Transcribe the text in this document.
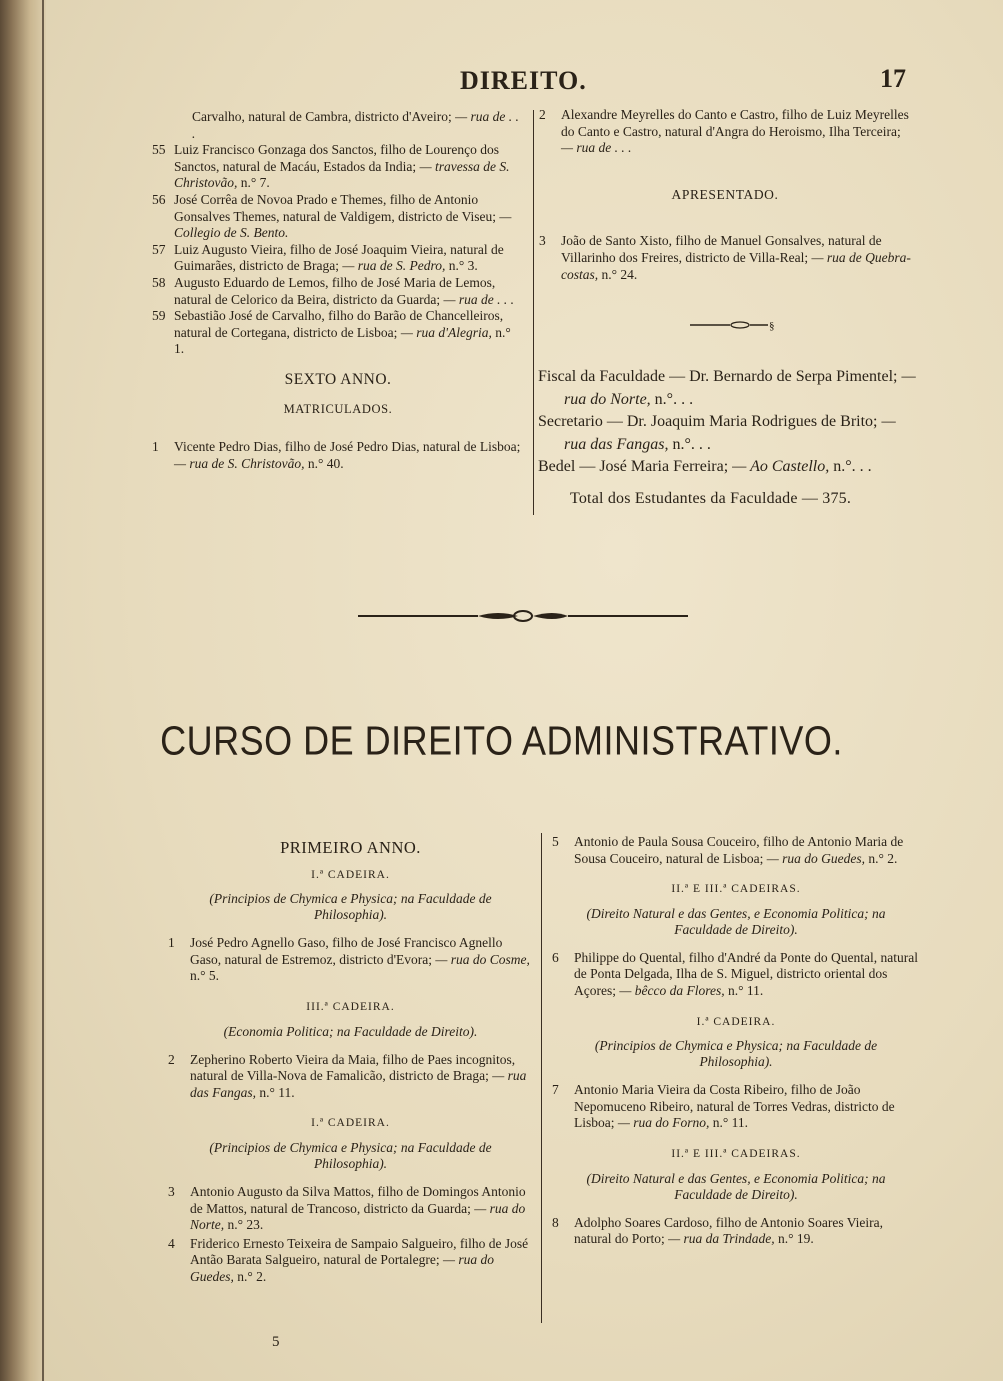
DIREITO.	17
Carvalho, natural de Cambra, districto d'Aveiro; — rua de . . .
55 Luiz Francisco Gonzaga dos Sanctos, filho de Lourenço dos Sanctos, natural de Macáu, Estados da India; — travessa de S. Christovão, n.° 7.
56 José Corrêa de Novoa Prado e Themes, filho de Antonio Gonsalves Themes, natural de Valdigem, districto de Viseu; — Collegio de S. Bento.
57 Luiz Augusto Vieira, filho de José Joaquim Vieira, natural de Guimarães, districto de Braga; — rua de S. Pedro, n.° 3.
58 Augusto Eduardo de Lemos, filho de José Maria de Lemos, natural de Celorico da Beira, districto da Guarda; — rua de . . .
59 Sebastião José de Carvalho, filho do Barão de Chancelleiros, natural de Cortegana, districto de Lisboa; — rua d'Alegria, n.° 1.
SEXTO ANNO.
MATRICULADOS.
1 Vicente Pedro Dias, filho de José Pedro Dias, natural de Lisboa; — rua de S. Christovão, n.° 40.
2 Alexandre Meyrelles do Canto e Castro, filho de Luiz Meyrelles do Canto e Castro, natural d'Angra do Heroismo, Ilha Terceira; — rua de . . .
APRESENTADO.
3 João de Santo Xisto, filho de Manuel Gonsalves, natural de Villarinho dos Freires, districto de Villa-Real; — rua de Quebra-costas, n.° 24.
§
Fiscal da Faculdade — Dr. Bernardo de Serpa Pimentel; — rua do Norte, n.°. . .
Secretario — Dr. Joaquim Maria Rodrigues de Brito; — rua das Fangas, n.°. . .
Bedel — José Maria Ferreira; — Ao Castello, n.°. . .
Total dos Estudantes da Faculdade — 375.
CURSO DE DIREITO ADMINISTRATIVO.
PRIMEIRO ANNO.
I.ª CADEIRA.
(Principios de Chymica e Physica; na Faculdade de Philosophia).
1 José Pedro Agnello Gaso, filho de José Francisco Agnello Gaso, natural de Estremoz, districto d'Evora; — rua do Cosme, n.° 5.
III.ª CADEIRA.
(Economia Politica; na Faculdade de Direito).
2 Zepherino Roberto Vieira da Maia, filho de Paes incognitos, natural de Villa-Nova de Famalicão, districto de Braga; — rua das Fangas, n.° 11.
I.ª CADEIRA.
(Principios de Chymica e Physica; na Faculdade de Philosophia).
3 Antonio Augusto da Silva Mattos, filho de Domingos Antonio de Mattos, natural de Trancoso, districto da Guarda; — rua do Norte, n.° 23.
4 Friderico Ernesto Teixeira de Sampaio Salgueiro, filho de José Antão Barata Salgueiro, natural de Portalegre; — rua do Guedes, n.° 2.
5 Antonio de Paula Sousa Couceiro, filho de Antonio Maria de Sousa Couceiro, natural de Lisboa; — rua do Guedes, n.° 2.
II.ª E III.ª CADEIRAS.
(Direito Natural e das Gentes, e Economia Politica; na Faculdade de Direito).
6 Philippe do Quental, filho d'André da Ponte do Quental, natural de Ponta Delgada, Ilha de S. Miguel, districto oriental dos Açores; — bêcco da Flores, n.° 11.
I.ª CADEIRA.
(Principios de Chymica e Physica; na Faculdade de Philosophia).
7 Antonio Maria Vieira da Costa Ribeiro, filho de João Nepomuceno Ribeiro, natural de Torres Vedras, districto de Lisboa; — rua do Forno, n.° 11.
II.ª E III.ª CADEIRAS.
(Direito Natural e das Gentes, e Economia Politica; na Faculdade de Direito).
8 Adolpho Soares Cardoso, filho de Antonio Soares Vieira, natural do Porto; — rua da Trindade, n.° 19.
5
